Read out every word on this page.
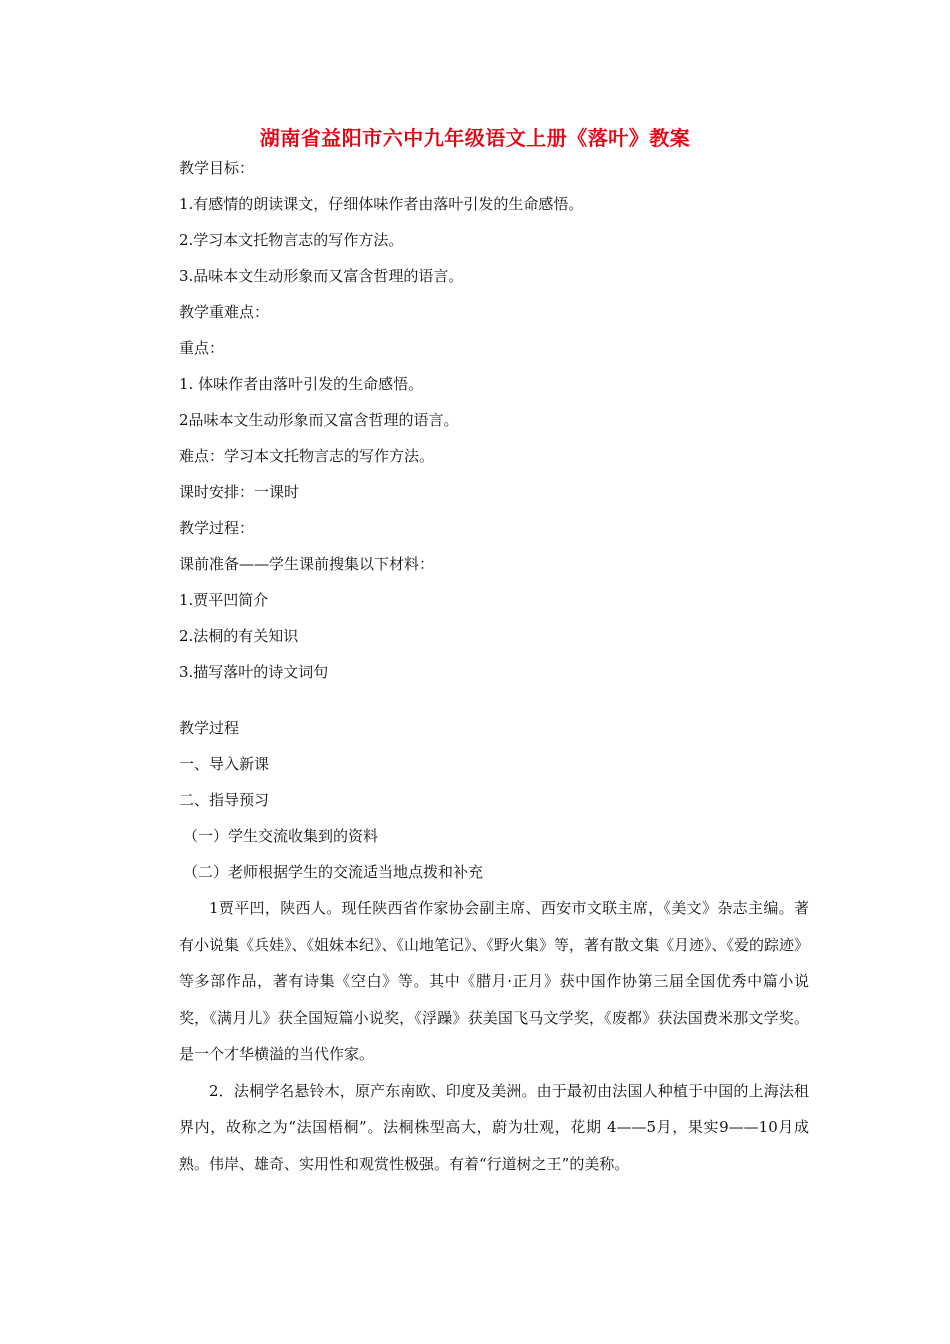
湖南省益阳市六中九年级语文上册《落叶》教案
教学目标：
1.有感情的朗读课文，仔细体味作者由落叶引发的生命感悟。
2.学习本文托物言志的写作方法。
3.品味本文生动形象而又富含哲理的语言。
教学重难点：
重点：
1. 体味作者由落叶引发的生命感悟。
2品味本文生动形象而又富含哲理的语言。
难点：学习本文托物言志的写作方法。
课时安排：一课时
教学过程：
课前准备——学生课前搜集以下材料：
1.贾平凹简介
2.法桐的有关知识
3.描写落叶的诗文词句
教学过程
一、导入新课
二、指导预习
（一）学生交流收集到的资料
（二）老师根据学生的交流适当地点拨和补充

1贾平凹，陕西人。现任陕西省作家协会副主席、西安市文联主席，《美文》杂志主编。著有小说集《兵娃》、《姐妹本纪》、《山地笔记》、《野火集》等，著有散文集《月迹》、《爱的踪迹》等多部作品，著有诗集《空白》等。其中《腊月·正月》获中国作协第三届全国优秀中篇小说奖，《满月儿》获全国短篇小说奖，《浮躁》获美国飞马文学奖，《废都》获法国费米那文学奖。是一个才华横溢的当代作家。

2．法桐学名悬铃木，原产东南欧、印度及美洲。由于最初由法国人种植于中国的上海法租界内，故称之为“法国梧桐”。法桐株型高大，蔚为壮观，花期 4——5月，果实9——10月成熟。伟岸、雄奇、实用性和观赏性极强。有着“行道树之王”的美称。
